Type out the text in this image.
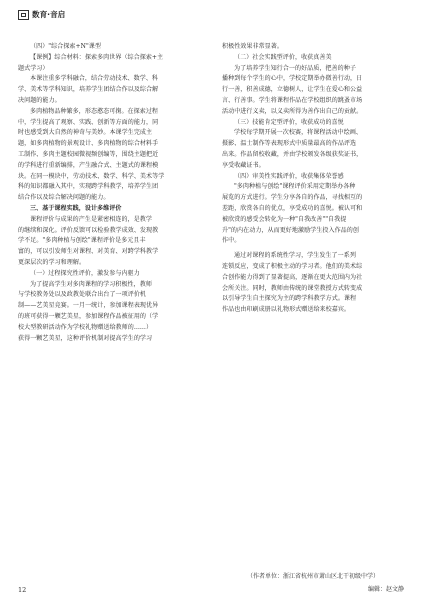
数育·音启
（四）"综合探索+N"课型
【课例】综合材料：探索多肉世界（综合探索+主
题式学习）
本课注重多学科融合，结合劳动技术、数学、科
学、美术等学科知识，培养学生团结合作以及综合解
决问题的能力。
多肉植物品种繁多，形态憨态可掬。在探索过程
中，学生提高了观察、实践、创新等方面的能力，同
时也感受到大自然的神奇与美妙。本课学生完成主
题，如多肉植物的景观设计、多肉植物的综合材料手
工制作、多肉主题校园微视频创编等，围绕主题把近
的学科进行重新编排，产生融合式、主题式的课程模
块。在同一模块中，劳动技术、数学、科学、美术等学
科的知识都融入其中，实现跨学科教学，培养学生团
结合作以及综合解决问题的能力。
三、基于课程实践，设计多维评价
课程评价与成果的产生是紧密相连的，是教学
的继续和深化。评价反馈可以检验教学成效、发现教
学不足。"多肉种植与创绘"课程评价是多元且丰
富的，可以引发师生对课程、对美育、对跨学科教学
更深层次的学习和理解。
（一）过程探究性评价，激发参与内驱力
为了提高学生对多肉课程的学习积极性，教师
与学校教务处以及政教处联合出台了一项评价机
制——艺美星竞赛。一月一统计，参加课程表现优异
的班可获得一颗艺美星，参加课程作品被征用的（学
校大型教研活动作为学校礼物赠送给教师的……）
获得一颗艺美星，这种评价机制对提高学生的学习
积极性效果非常显著。
（二）社会实践型评价，收获真善美
为了培养学生知行合一的好品质，把善的种子
播种到每个学生的心中，学校定期举办微善行动，日
行一善，积善成德，立德树人，让学生在爱心和公益
言、行善事。学生将课程作品在学校组织的跳蚤市场
活动中进行义卖，以义卖所得为善作出自己的贡献。
（三）技能肯定型评价，收获成功的喜悦
学校每学期开展一次校赛，将课程活动中绘画、
摄影、温士制作等表现形式中质量最高的作品评选
出来。作品留校收藏，并由学校颁发各级获奖证书，
享受收藏证书。
（四）审美性实践评价，收获集体荣誉感
"多肉种植与创绘"课程评价采用定期举办各种
展览的方式进行。学生分享各自的作品，寻找相互的
差距，欣赏各自的优点，享受成功的喜悦。被认可和
被欣赏的感受会转化为一种"自我改善""自我提
升"的内在动力，从而更好地激励学生投入作品的创
作中。
通过对课程的系统性学习，学生发生了一系列
连锁反应，变成了积极主动的学习者。他们的美术综
合创作能力得到了显著提高，逐渐在更大范围内为社
会所关注。同时，教师由传统的课堂教授方式转变成
以引导学生自主探究为主的跨学科教学方式。课程
作品也由印刷成册以礼物形式赠送给来校嘉宾。
（作者单位：浙江省杭州市萧山区北干初级中学）
编辑：赵文静
12
